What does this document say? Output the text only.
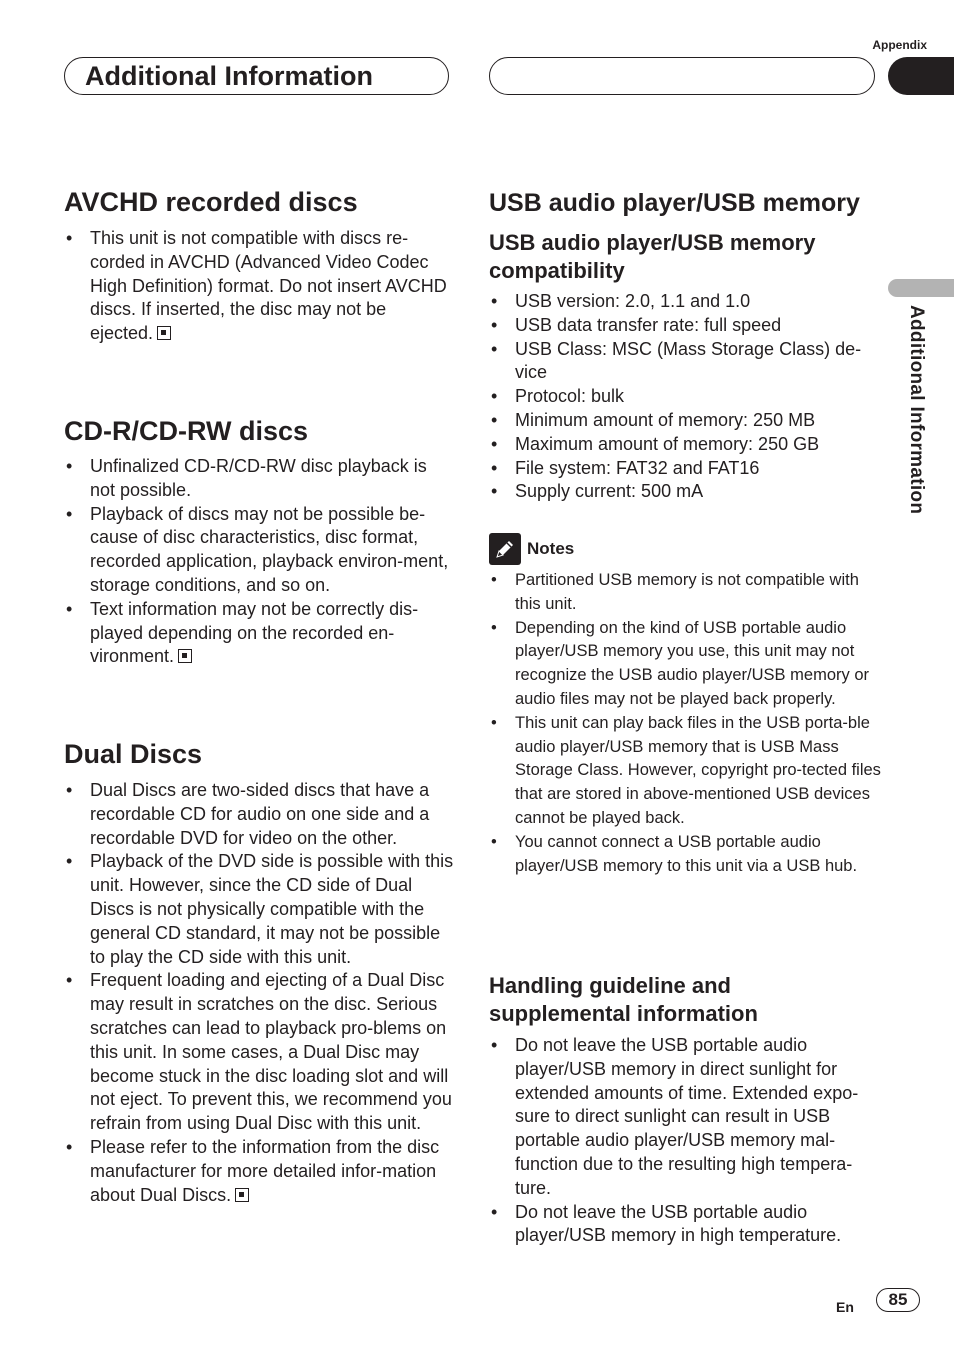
Appendix
Additional Information
Additional Information
AVCHD recorded discs
• This unit is not compatible with discs re-corded in AVCHD (Advanced Video Codec High Definition) format. Do not insert AVCHD discs. If inserted, the disc may not be ejected.
CD-R/CD-RW discs
• Unfinalized CD-R/CD-RW disc playback is not possible.
• Playback of discs may not be possible be-cause of disc characteristics, disc format, recorded application, playback environ-ment, storage conditions, and so on.
• Text information may not be correctly dis-played depending on the recorded en-vironment.
Dual Discs
• Dual Discs are two-sided discs that have a recordable CD for audio on one side and a recordable DVD for video on the other.
• Playback of the DVD side is possible with this unit. However, since the CD side of Dual Discs is not physically compatible with the general CD standard, it may not be possible to play the CD side with this unit.
• Frequent loading and ejecting of a Dual Disc may result in scratches on the disc. Serious scratches can lead to playback pro-blems on this unit. In some cases, a Dual Disc may become stuck in the disc loading slot and will not eject. To prevent this, we recommend you refrain from using Dual Disc with this unit.
• Please refer to the information from the disc manufacturer for more detailed infor-mation about Dual Discs.
USB audio player/USB memory
USB audio player/USB memory compatibility
• USB version: 2.0, 1.1 and 1.0
• USB data transfer rate: full speed
• USB Class: MSC (Mass Storage Class) de-vice
• Protocol: bulk
• Minimum amount of memory: 250 MB
• Maximum amount of memory: 250 GB
• File system: FAT32 and FAT16
• Supply current: 500 mA
Notes
• Partitioned USB memory is not compatible with this unit.
• Depending on the kind of USB portable audio player/USB memory you use, this unit may not recognize the USB audio player/USB memory or audio files may not be played back properly.
• This unit can play back files in the USB porta-ble audio player/USB memory that is USB Mass Storage Class. However, copyright pro-tected files that are stored in above-mentioned USB devices cannot be played back.
• You cannot connect a USB portable audio player/USB memory to this unit via a USB hub.
Handling guideline and supplemental information
• Do not leave the USB portable audio player/USB memory in direct sunlight for extended amounts of time. Extended expo-sure to direct sunlight can result in USB portable audio player/USB memory mal-function due to the resulting high tempera-ture.
• Do not leave the USB portable audio player/USB memory in high temperature.
En	85
